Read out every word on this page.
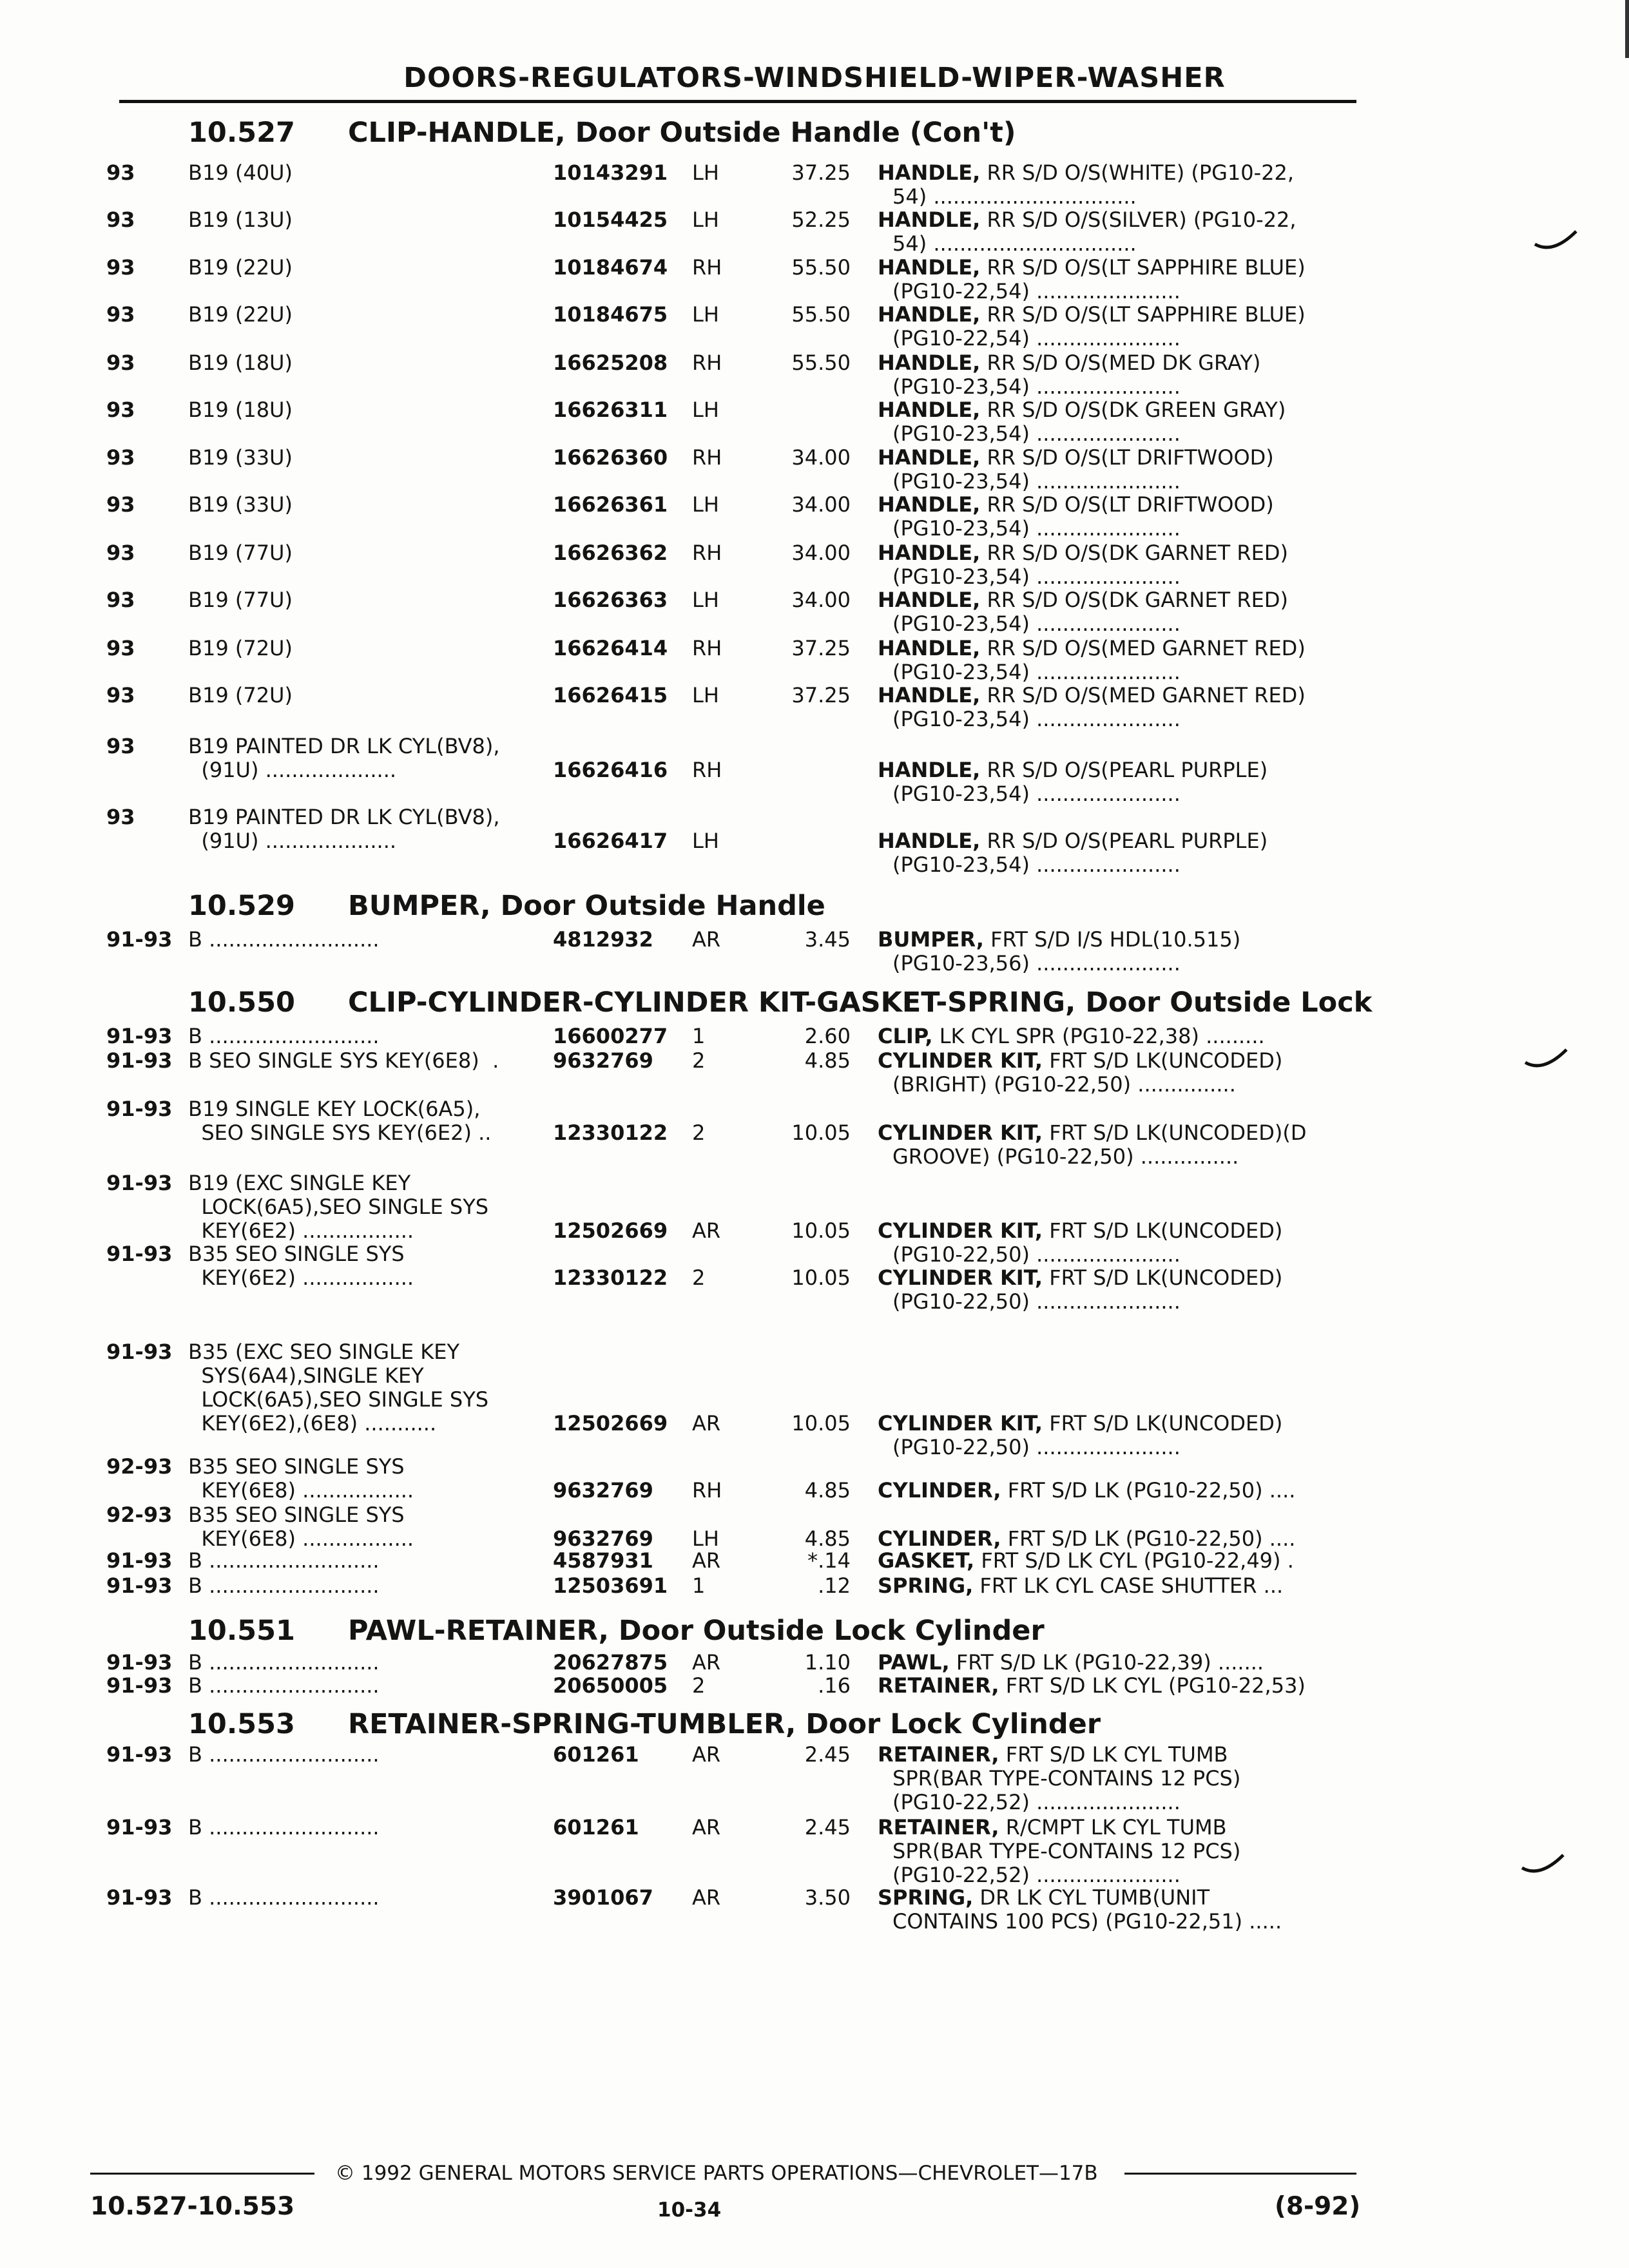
DOORS-REGULATORS-WINDSHIELD-WIPER-WASHER
10.527 CLIP-HANDLE, Door Outside Handle (Con't)
10.529 BUMPER, Door Outside Handle
10.550 CLIP-CYLINDER-CYLINDER KIT-GASKET-SPRING, Door Outside Lock
10.551 PAWL-RETAINER, Door Outside Lock Cylinder
10.553 RETAINER-SPRING-TUMBLER, Door Lock Cylinder
93	B19 (40U)	10143291 LH	37.25 HANDLE, RR S/D O/S(WHITE) (PG10-22,
54) ...............................
93	B19 (13U)	10154425 LH	52.25 HANDLE, RR S/D O/S(SILVER) (PG10-22,
54) ...............................
93	B19 (22U)	10184674 RH	55.50 HANDLE, RR S/D O/S(LT SAPPHIRE BLUE)
(PG10-22,54) ......................
93	B19 (22U)	10184675 LH	55.50 HANDLE, RR S/D O/S(LT SAPPHIRE BLUE)
(PG10-22,54) ......................
93	B19 (18U)	16625208 RH	55.50 HANDLE, RR S/D O/S(MED DK GRAY)
(PG10-23,54) ......................
93	B19 (18U)	16626311 LH	HANDLE, RR S/D O/S(DK GREEN GRAY)
(PG10-23,54) ......................
93	B19 (33U)	16626360 RH	34.00 HANDLE, RR S/D O/S(LT DRIFTWOOD)
(PG10-23,54) ......................
93	B19 (33U)	16626361 LH	34.00 HANDLE, RR S/D O/S(LT DRIFTWOOD)
(PG10-23,54) ......................
93	B19 (77U)	16626362 RH	34.00 HANDLE, RR S/D O/S(DK GARNET RED)
(PG10-23,54) ......................
93	B19 (77U)	16626363 LH	34.00 HANDLE, RR S/D O/S(DK GARNET RED)
(PG10-23,54) ......................
93	B19 (72U)	16626414 RH	37.25 HANDLE, RR S/D O/S(MED GARNET RED)
(PG10-23,54) ......................
93	B19 (72U)	16626415 LH	37.25 HANDLE, RR S/D O/S(MED GARNET RED)
(PG10-23,54) ......................
93	B19 PAINTED DR LK CYL(BV8),
(91U) ....................	16626416 RH	HANDLE, RR S/D O/S(PEARL PURPLE)
(PG10-23,54) ......................
93	B19 PAINTED DR LK CYL(BV8),
(91U) ....................	16626417 LH	HANDLE, RR S/D O/S(PEARL PURPLE)
(PG10-23,54) ......................
91-93 B ..........................	4812932 AR	3.45 BUMPER, FRT S/D I/S HDL(10.515)
(PG10-23,56) ......................
91-93 B ..........................	16600277 1	2.60 CLIP, LK CYL SPR (PG10-22,38) .........
91-93 B SEO SINGLE SYS KEY(6E8)  .	9632769 2	4.85 CYLINDER KIT, FRT S/D LK(UNCODED)
(BRIGHT) (PG10-22,50) ...............
91-93 B19 SINGLE KEY LOCK(6A5),
SEO SINGLE SYS KEY(6E2) ..	12330122 2	10.05 CYLINDER KIT, FRT S/D LK(UNCODED)(D
GROOVE) (PG10-22,50) ...............
91-93 B19 (EXC SINGLE KEY
LOCK(6A5),SEO SINGLE SYS
KEY(6E2) .................	12502669 AR	10.05 CYLINDER KIT, FRT S/D LK(UNCODED)
(PG10-22,50) ......................
91-93 B35 SEO SINGLE SYS
KEY(6E2) .................	12330122 2	10.05 CYLINDER KIT, FRT S/D LK(UNCODED)
(PG10-22,50) ......................
91-93 B35 (EXC SEO SINGLE KEY
SYS(6A4),SINGLE KEY
LOCK(6A5),SEO SINGLE SYS
KEY(6E2),(6E8) ...........	12502669 AR	10.05 CYLINDER KIT, FRT S/D LK(UNCODED)
(PG10-22,50) ......................
92-93 B35 SEO SINGLE SYS
KEY(6E8) .................	9632769 RH	4.85 CYLINDER, FRT S/D LK (PG10-22,50) ....
92-93 B35 SEO SINGLE SYS
KEY(6E8) .................	9632769 LH	4.85 CYLINDER, FRT S/D LK (PG10-22,50) ....
91-93 B ..........................	4587931 AR	*.14 GASKET, FRT S/D LK CYL (PG10-22,49) .
91-93 B ..........................	12503691 1	.12 SPRING, FRT LK CYL CASE SHUTTER ...
91-93 B ..........................	20627875 AR	1.10 PAWL, FRT S/D LK (PG10-22,39) .......
91-93 B ..........................	20650005 2	.16 RETAINER, FRT S/D LK CYL (PG10-22,53)
91-93 B ..........................	601261	AR	2.45 RETAINER, FRT S/D LK CYL TUMB
SPR(BAR TYPE-CONTAINS 12 PCS)
(PG10-22,52) ......................
91-93 B ..........................	601261	AR	2.45 RETAINER, R/CMPT LK CYL TUMB
SPR(BAR TYPE-CONTAINS 12 PCS)
(PG10-22,52) ......................
91-93 B ..........................	3901067 AR	3.50 SPRING, DR LK CYL TUMB(UNIT
CONTAINS 100 PCS) (PG10-22,51) .....
© 1992 GENERAL MOTORS SERVICE PARTS OPERATIONS—CHEVROLET—17B
10.527-10.553	10-34	(8-92)
